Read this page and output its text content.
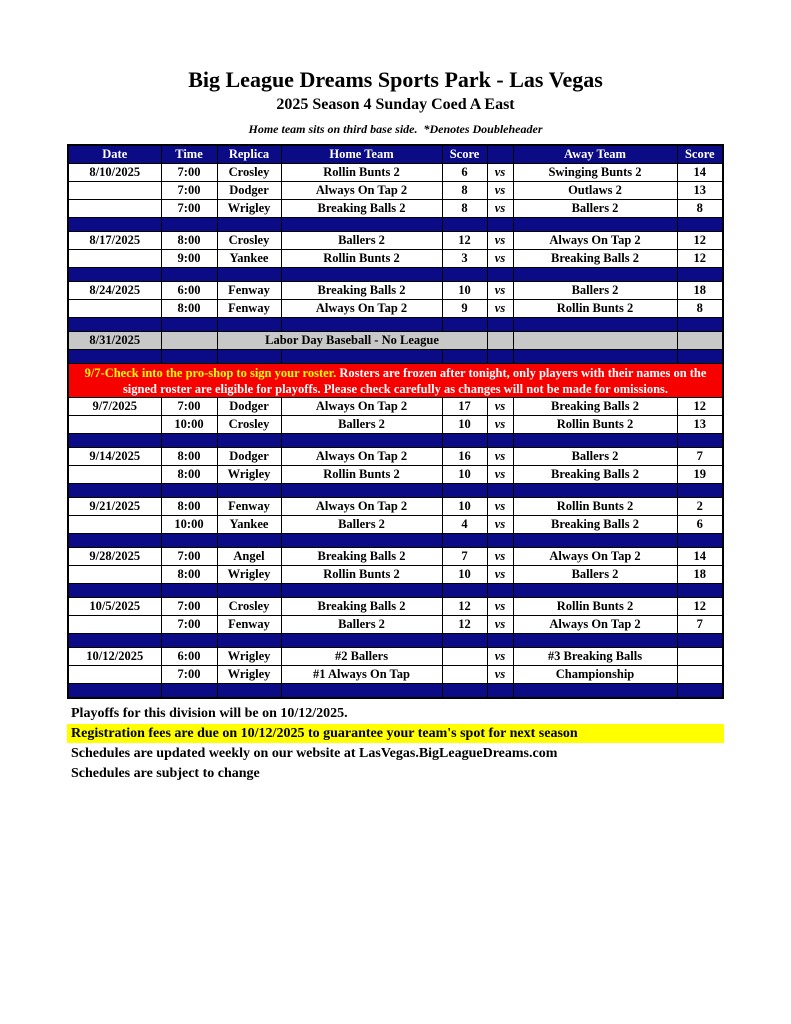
Big League Dreams Sports Park - Las Vegas
2025 Season 4 Sunday Coed A East

Home team sits on third base side.  *Denotes Doubleheader

Date	Time	Replica	Home Team	Score		Away Team	Score
8/10/2025	7:00	Crosley	Rollin Bunts 2	6	vs	Swinging Bunts 2	14
	7:00	Dodger	Always On Tap 2	8	vs	Outlaws 2	13
	7:00	Wrigley	Breaking Balls 2	8	vs	Ballers 2	8

8/17/2025	8:00	Crosley	Ballers 2	12	vs	Always On Tap 2	12
	9:00	Yankee	Rollin Bunts 2	3	vs	Breaking Balls 2	12

8/24/2025	6:00	Fenway	Breaking Balls 2	10	vs	Ballers 2	18
	8:00	Fenway	Always On Tap 2	9	vs	Rollin Bunts 2	8

8/31/2025		Labor Day Baseball - No League					

9/7-Check into the pro-shop to sign your roster. Rosters are frozen after tonight, only players with their names on the signed roster are eligible for playoffs. Please check carefully as changes will not be made for omissions.							
9/7/2025	7:00	Dodger	Always On Tap 2	17	vs	Breaking Balls 2	12
	10:00	Crosley	Ballers 2	10	vs	Rollin Bunts 2	13

9/14/2025	8:00	Dodger	Always On Tap 2	16	vs	Ballers 2	7
	8:00	Wrigley	Rollin Bunts 2	10	vs	Breaking Balls 2	19

9/21/2025	8:00	Fenway	Always On Tap 2	10	vs	Rollin Bunts 2	2
	10:00	Yankee	Ballers 2	4	vs	Breaking Balls 2	6

9/28/2025	7:00	Angel	Breaking Balls 2	7	vs	Always On Tap 2	14
	8:00	Wrigley	Rollin Bunts 2	10	vs	Ballers 2	18

10/5/2025	7:00	Crosley	Breaking Balls 2	12	vs	Rollin Bunts 2	12
	7:00	Fenway	Ballers 2	12	vs	Always On Tap 2	7

10/12/2025	6:00	Wrigley	#2 Ballers		vs	#3 Breaking Balls	
	7:00	Wrigley	#1 Always On Tap		vs	Championship	

Playoffs for this division will be on 10/12/2025.
Registration fees are due on 10/12/2025 to guarantee your team's spot for next season
Schedules are updated weekly on our website at LasVegas.BigLeagueDreams.com
Schedules are subject to change
